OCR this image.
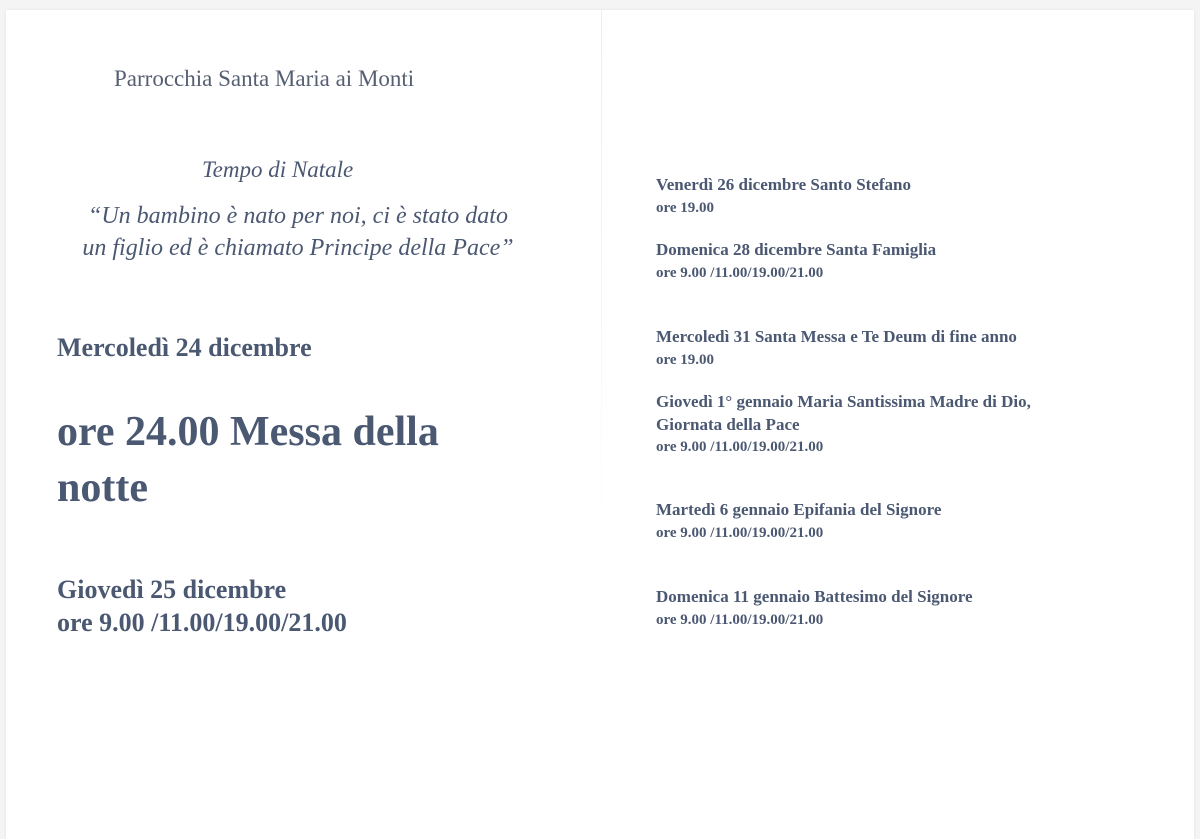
Parrocchia Santa Maria ai Monti

Tempo di Natale

“Un bambino è nato per noi, ci è stato dato
un figlio ed è chiamato Principe della Pace”

Mercoledì 24 dicembre

ore 24.00 Messa della notte

Giovedì 25 dicembre
ore 9.00 /11.00/19.00/21.00
Venerdì 26 dicembre Santo Stefano
ore 19.00
Domenica 28 dicembre Santa Famiglia
ore 9.00 /11.00/19.00/21.00
Mercoledì 31 Santa Messa e Te Deum di fine anno
ore 19.00
Giovedì 1° gennaio Maria Santissima Madre di Dio,
Giornata della Pace
ore 9.00 /11.00/19.00/21.00
Martedì 6 gennaio Epifania del Signore
ore 9.00 /11.00/19.00/21.00
Domenica 11 gennaio Battesimo del Signore
ore 9.00 /11.00/19.00/21.00
